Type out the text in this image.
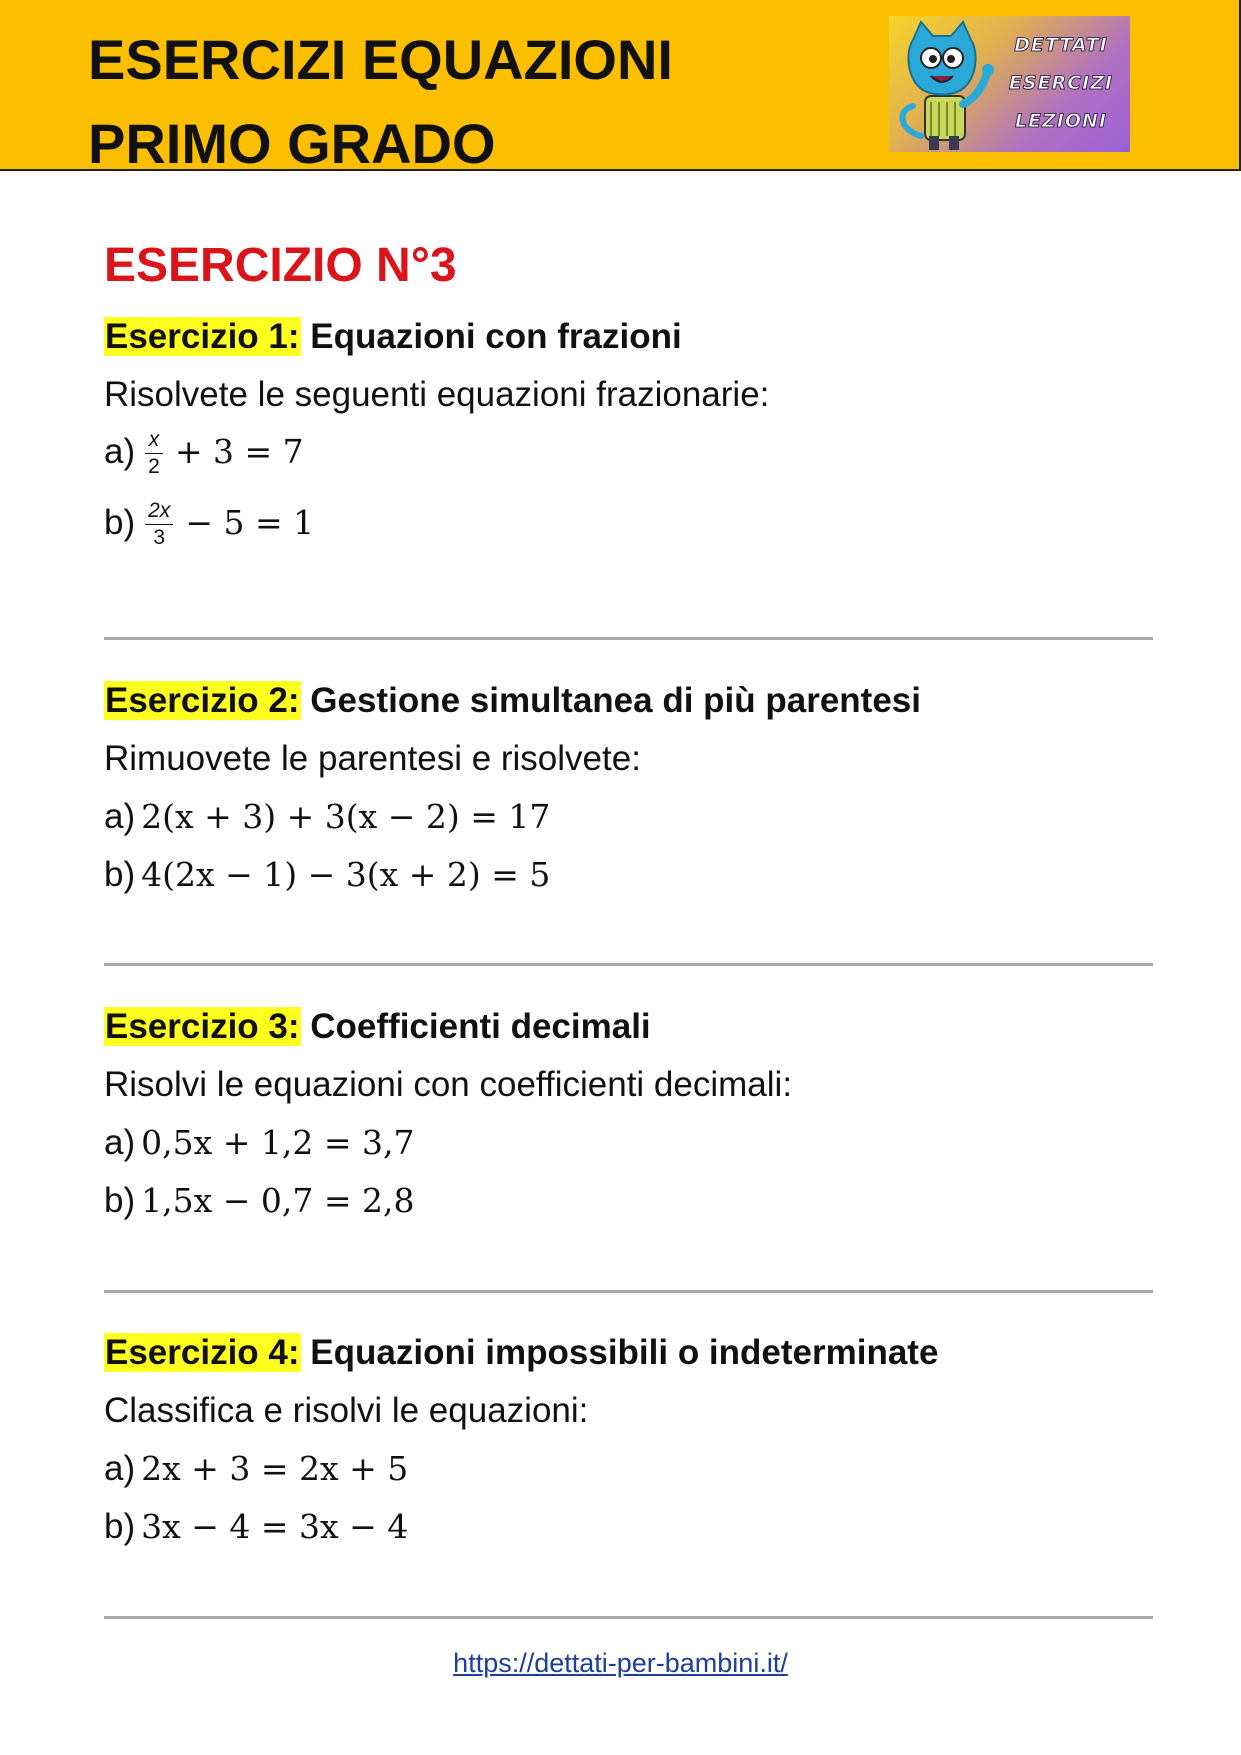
ESERCIZI EQUAZIONI
PRIMO GRADO
DETTATI
ESERCIZI
LEZIONI
ESERCIZIO N°3

Esercizio 1: Equazioni con frazioni

Risolvete le seguenti equazioni frazionarie:
$a) \frac{x}{2} + 3 = 7$
$b) \frac{2x}{3} - 5 = 1$

Esercizio 2: Gestione simultanea di più parentesi

Rimuovete le parentesi e risolvete:
a) 2(x + 3) + 3(x − 2) = 17
b) 4(2x − 1) − 3(x + 2) = 5

Esercizio 3: Coefficienti decimali

Risolvi le equazioni con coefficienti decimali:
a) 0,5x + 1,2 = 3,7
b) 1,5x − 0,7 = 2,8

Esercizio 4: Equazioni impossibili o indeterminate

Classifica e risolvi le equazioni:
a) 2x + 3 = 2x + 5
b) 3x − 4 = 3x − 4
https://dettati-per-bambini.it/
